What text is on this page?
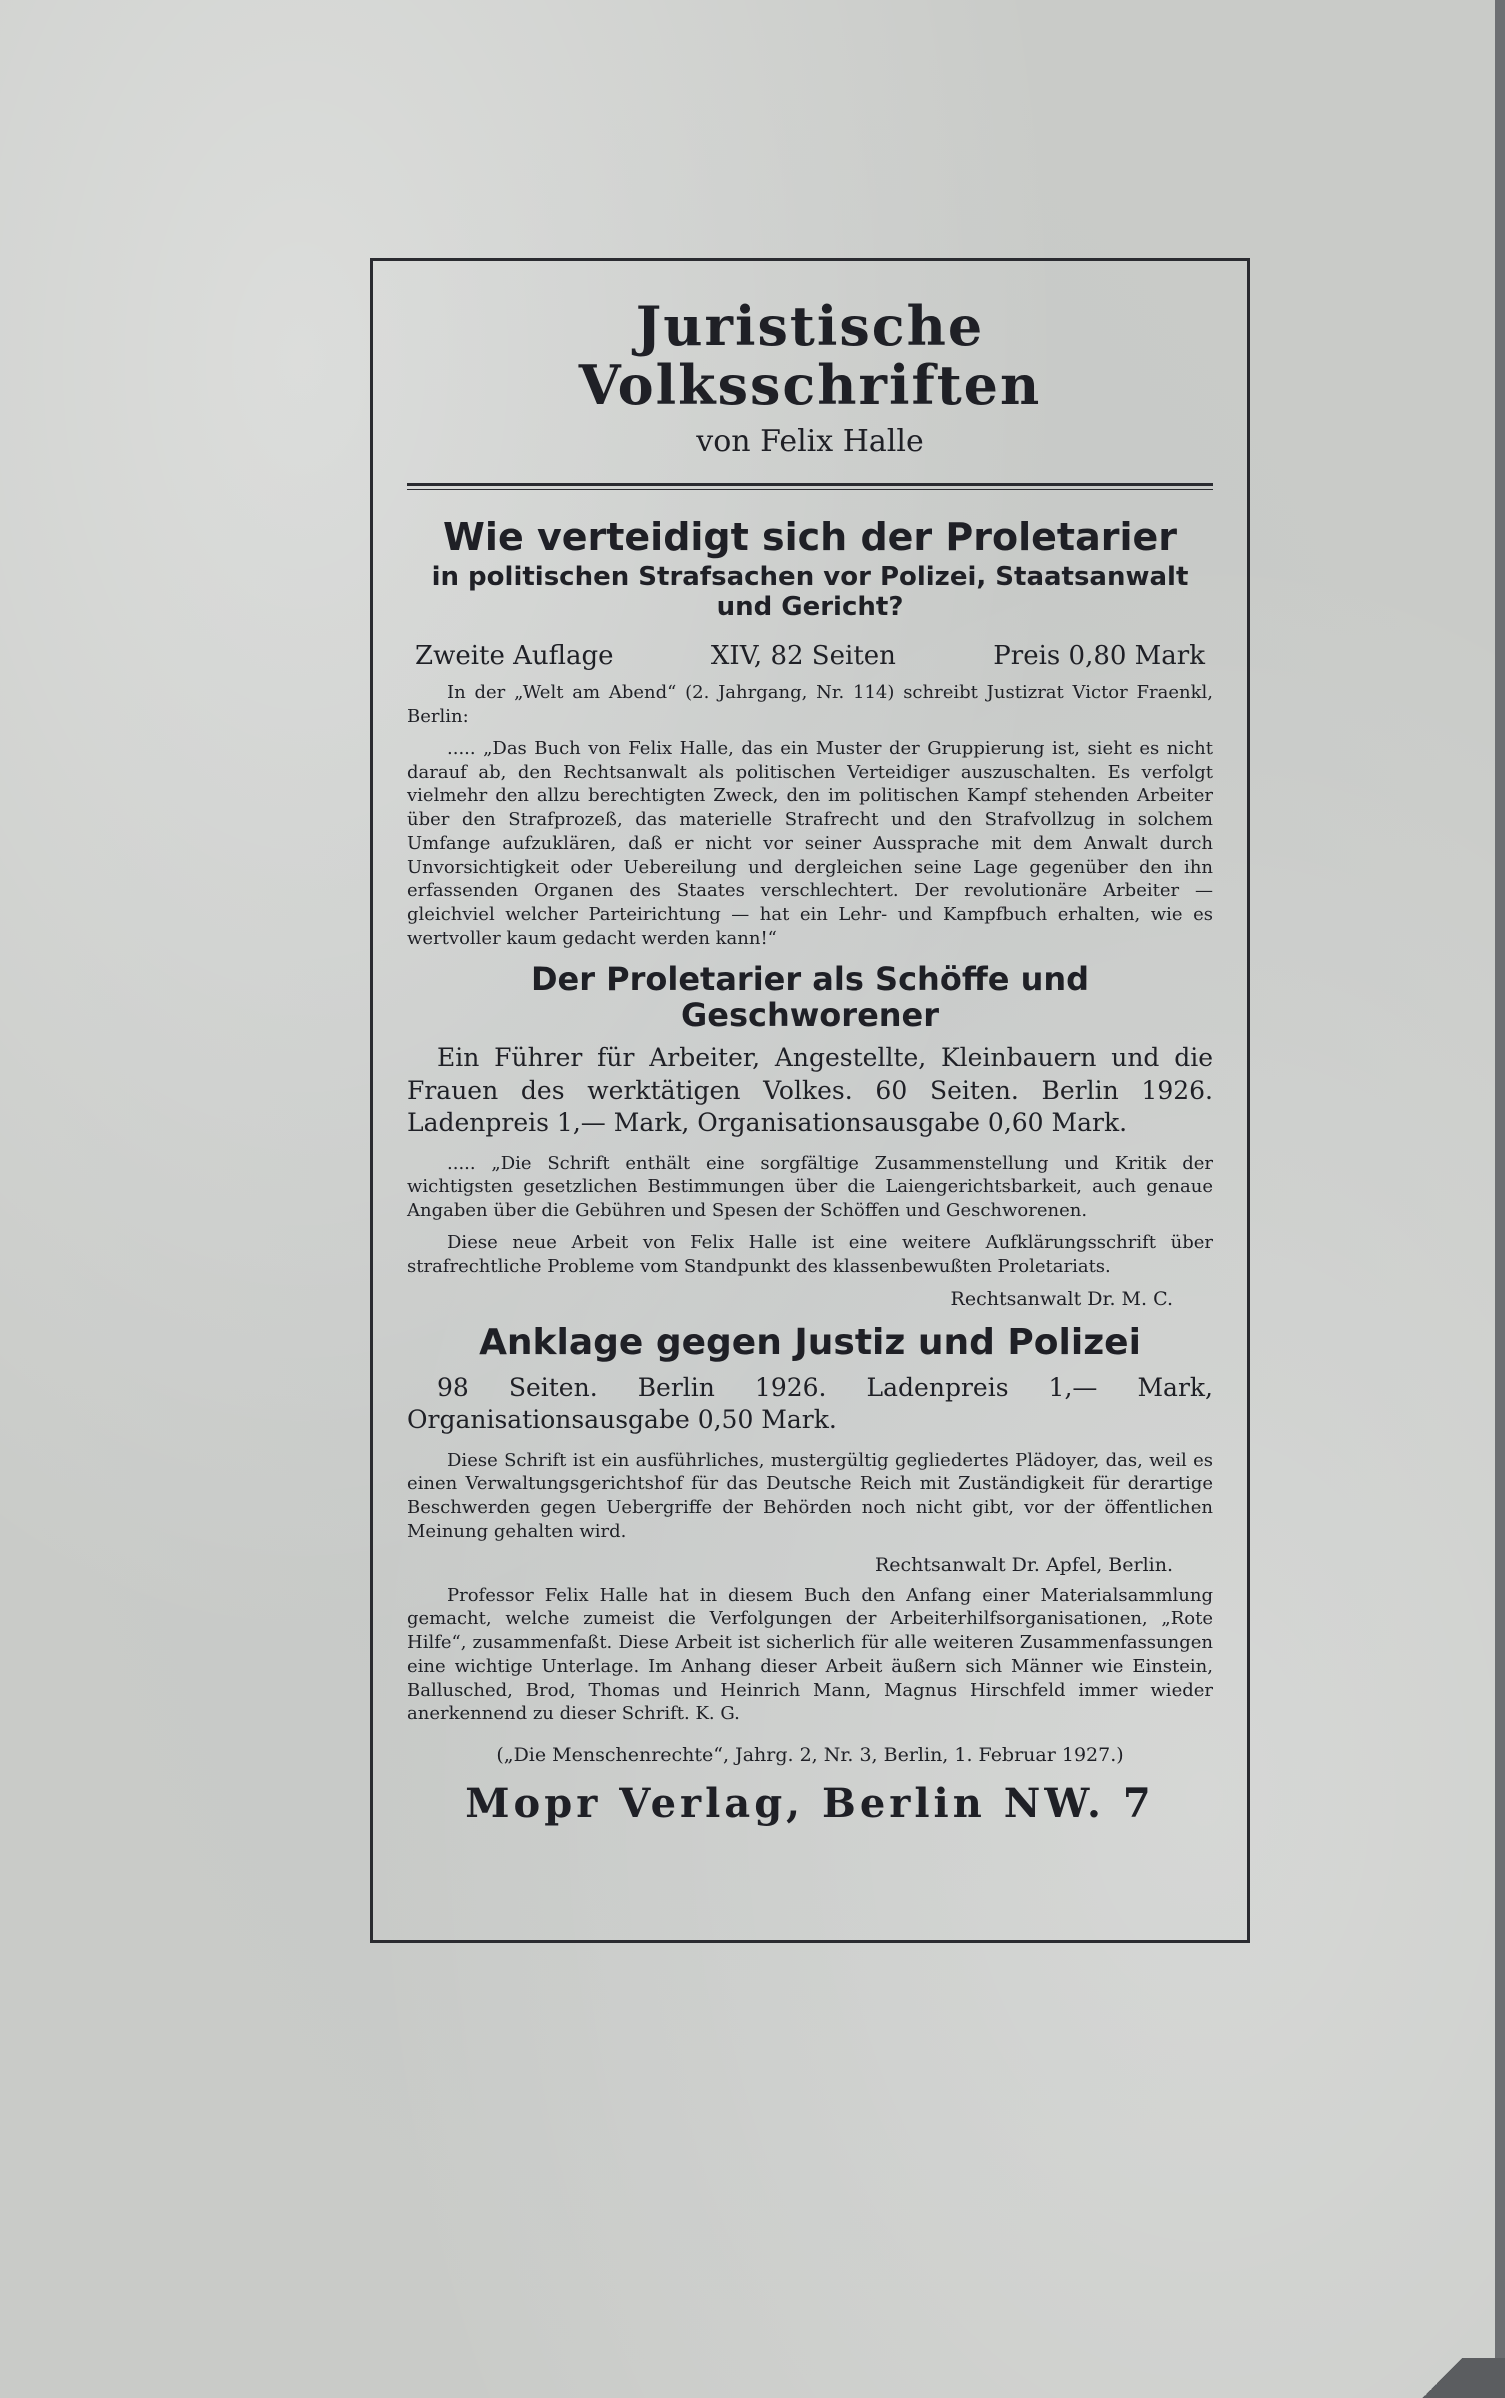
Juristische Volksschriften
von Felix Halle
Wie verteidigt sich der Proletarier
in politischen Strafsachen vor Polizei, Staatsanwalt und Gericht?
Zweite Auflage	XIV, 82 Seiten	Preis 0,80 Mark

In der „Welt am Abend“ (2. Jahrgang, Nr. 114) schreibt Justizrat Victor Fraenkl, Berlin:

..... „Das Buch von Felix Halle, das ein Muster der Gruppierung ist, sieht es nicht darauf ab, den Rechtsanwalt als politischen Verteidiger auszuschalten. Es verfolgt vielmehr den allzu berechtigten Zweck, den im politischen Kampf stehenden Arbeiter über den Strafprozeß, das materielle Strafrecht und den Strafvollzug in solchem Umfange aufzuklären, daß er nicht vor seiner Aussprache mit dem Anwalt durch Unvorsichtigkeit oder Uebereilung und dergleichen seine Lage gegenüber den ihn erfassenden Organen des Staates verschlechtert. Der revolutionäre Arbeiter — gleichviel welcher Parteirichtung — hat ein Lehr- und Kampfbuch erhalten, wie es wertvoller kaum gedacht werden kann!“

Der Proletarier als Schöffe und Geschworener

Ein Führer für Arbeiter, Angestellte, Kleinbauern und die Frauen des werktätigen Volkes. 60 Seiten. Berlin 1926. Ladenpreis 1,— Mark, Organisationsausgabe 0,60 Mark.

..... „Die Schrift enthält eine sorgfältige Zusammenstellung und Kritik der wichtigsten gesetzlichen Bestimmungen über die Laiengerichtsbarkeit, auch genaue Angaben über die Gebühren und Spesen der Schöffen und Geschworenen.

Diese neue Arbeit von Felix Halle ist eine weitere Aufklärungsschrift über strafrechtliche Probleme vom Standpunkt des klassenbewußten Proletariats.

Rechtsanwalt Dr. M. C.
Anklage gegen Justiz und Polizei

98 Seiten. Berlin 1926. Ladenpreis 1,— Mark, Organisationsausgabe 0,50 Mark.

Diese Schrift ist ein ausführliches, mustergültig gegliedertes Plädoyer, das, weil es einen Verwaltungsgerichtshof für das Deutsche Reich mit Zuständigkeit für derartige Beschwerden gegen Uebergriffe der Behörden noch nicht gibt, vor der öffentlichen Meinung gehalten wird.

Rechtsanwalt Dr. Apfel, Berlin.

Professor Felix Halle hat in diesem Buch den Anfang einer Materialsammlung gemacht, welche zumeist die Verfolgungen der Arbeiterhilfsorganisationen, „Rote Hilfe“, zusammenfaßt. Diese Arbeit ist sicherlich für alle weiteren Zusammenfassungen eine wichtige Unterlage. Im Anhang dieser Arbeit äußern sich Männer wie Einstein, Ballusched, Brod, Thomas und Heinrich Mann, Magnus Hirschfeld immer wieder anerkennend zu dieser Schrift. K. G.

(„Die Menschenrechte“, Jahrg. 2, Nr. 3, Berlin, 1. Februar 1927.)
Mopr Verlag, Berlin NW. 7
